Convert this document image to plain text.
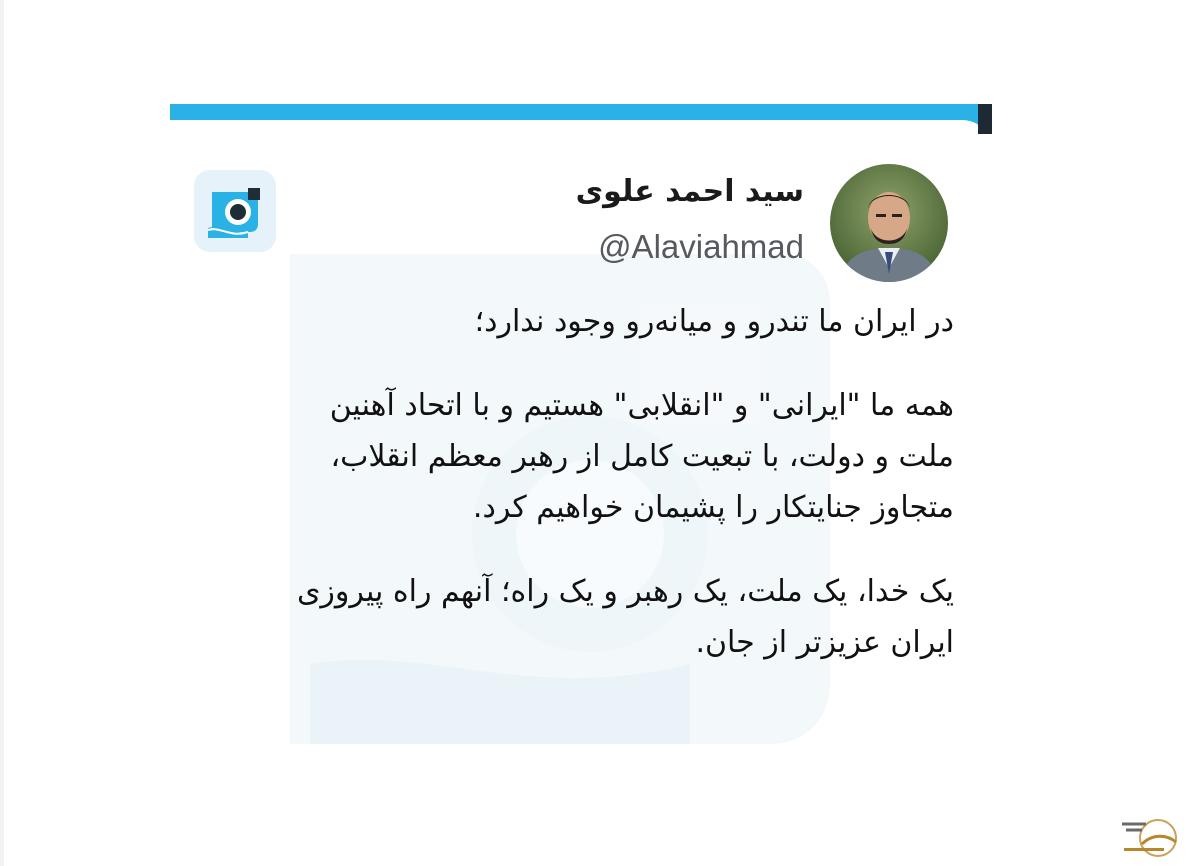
سید احمد علوی
@Alaviahmad

در ایران ما تندرو و میانه‌رو وجود ندارد؛

همه ما "ایرانی" و "انقلابی" هستیم و با اتحاد آهنین
ملت و دولت، با تبعیت کامل از رهبر معظم انقلاب،
متجاوز جنایتکار را پشیمان خواهیم کرد.

یک خدا، یک ملت، یک رهبر و یک راه؛ آنهم راه پیروزی
ایران عزیزتر از جان.
